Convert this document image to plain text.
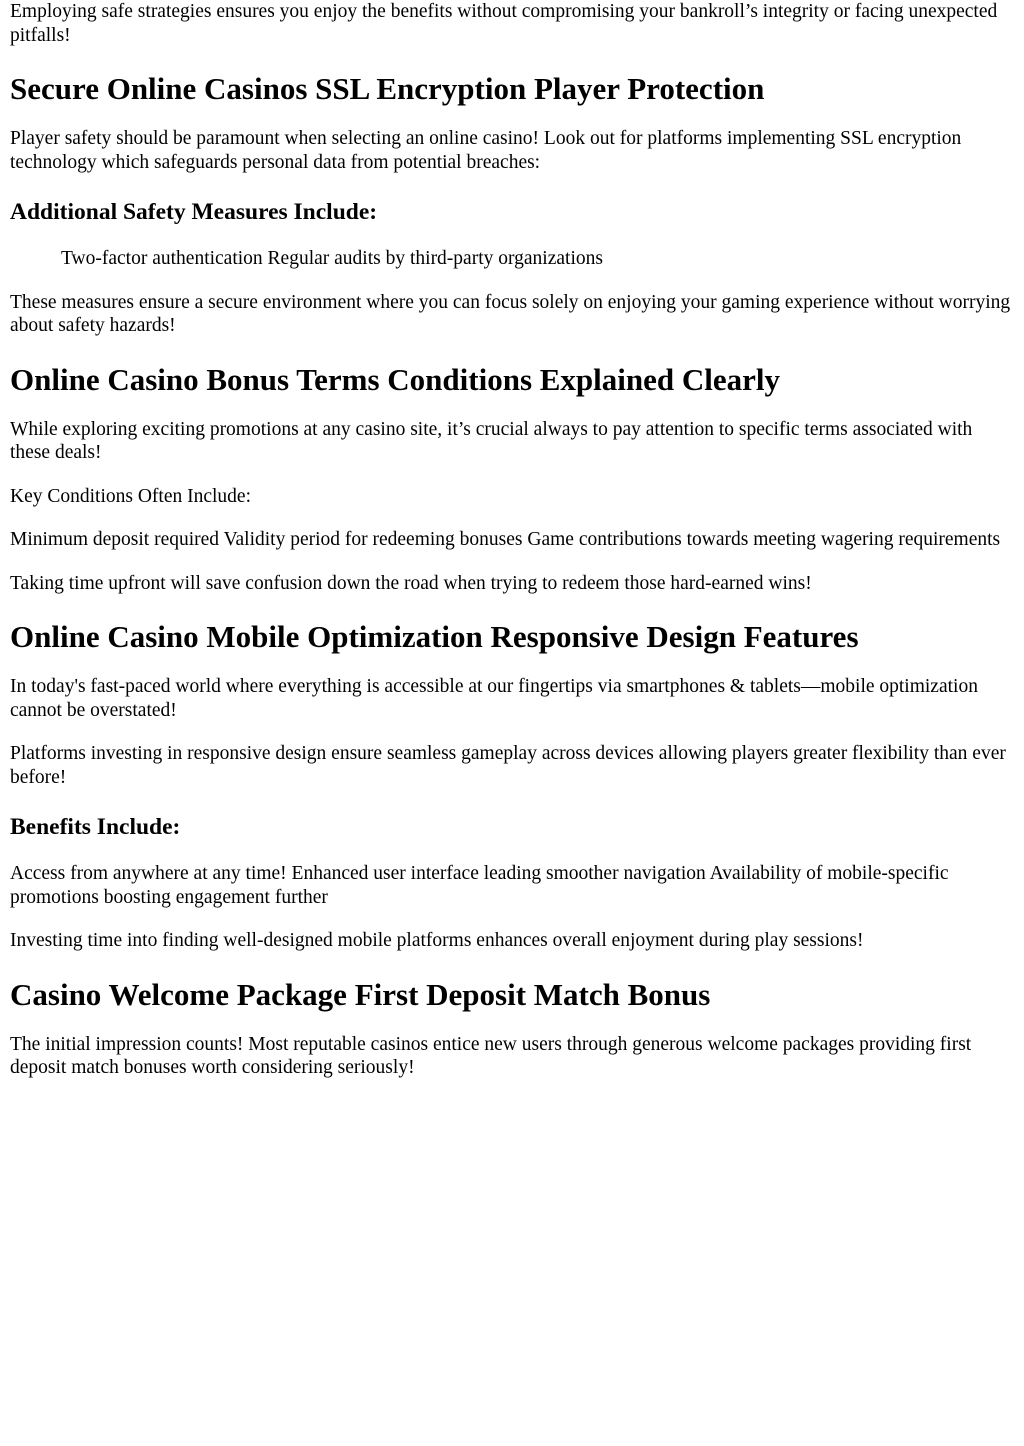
Employing safe strategies ensures you enjoy the benefits without compromising your bankroll’s integrity or facing unexpected pitfalls!

Secure Online Casinos SSL Encryption Player Protection

Player safety should be paramount when selecting an online casino! Look out for platforms implementing SSL encryption technology which safeguards personal data from potential breaches:

Additional Safety Measures Include:

Two-factor authentication Regular audits by third-party organizations

These measures ensure a secure environment where you can focus solely on enjoying your gaming experience without worrying about safety hazards!

Online Casino Bonus Terms Conditions Explained Clearly

While exploring exciting promotions at any casino site, it’s crucial always to pay attention to specific terms associated with these deals!

Key Conditions Often Include:

Minimum deposit required Validity period for redeeming bonuses Game contributions towards meeting wagering requirements

Taking time upfront will save confusion down the road when trying to redeem those hard-earned wins!

Online Casino Mobile Optimization Responsive Design Features

In today's fast-paced world where everything is accessible at our fingertips via smartphones & tablets—mobile optimization cannot be overstated!

Platforms investing in responsive design ensure seamless gameplay across devices allowing players greater flexibility than ever before!

Benefits Include:

Access from anywhere at any time! Enhanced user interface leading smoother navigation Availability of mobile-specific promotions boosting engagement further

Investing time into finding well-designed mobile platforms enhances overall enjoyment during play sessions!

Casino Welcome Package First Deposit Match Bonus

The initial impression counts! Most reputable casinos entice new users through generous welcome packages providing first deposit match bonuses worth considering seriously!
